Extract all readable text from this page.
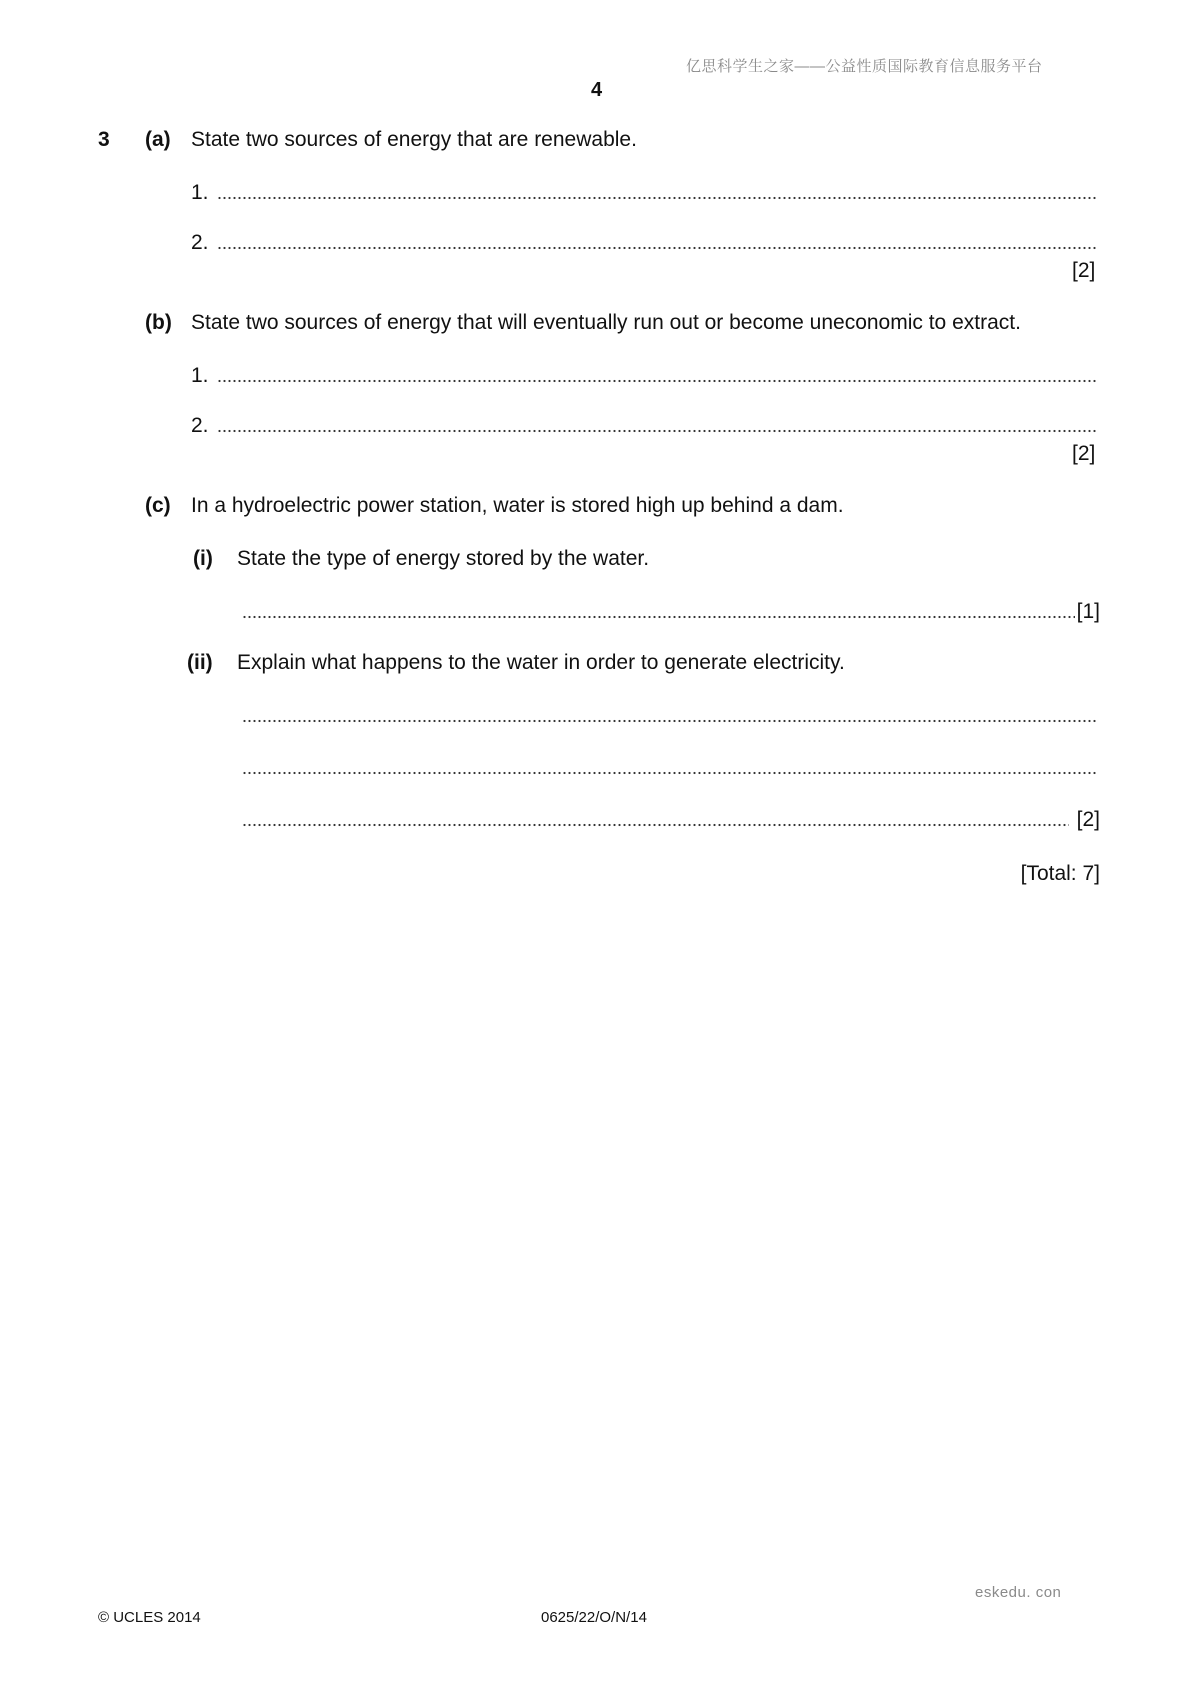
亿思科学生之家——公益性质国际教育信息服务平台
4
3 (a) State two sources of energy that are renewable.
1.
2.
[2]
(b) State two sources of energy that will eventually run out or become uneconomic to extract.
1.
2.
[2]
(c) In a hydroelectric power station, water is stored high up behind a dam.
(i) State the type of energy stored by the water.
[1]
(ii) Explain what happens to the water in order to generate electricity.
[2]
[Total: 7]
eskedu. con
© UCLES 2014	0625/22/O/N/14
